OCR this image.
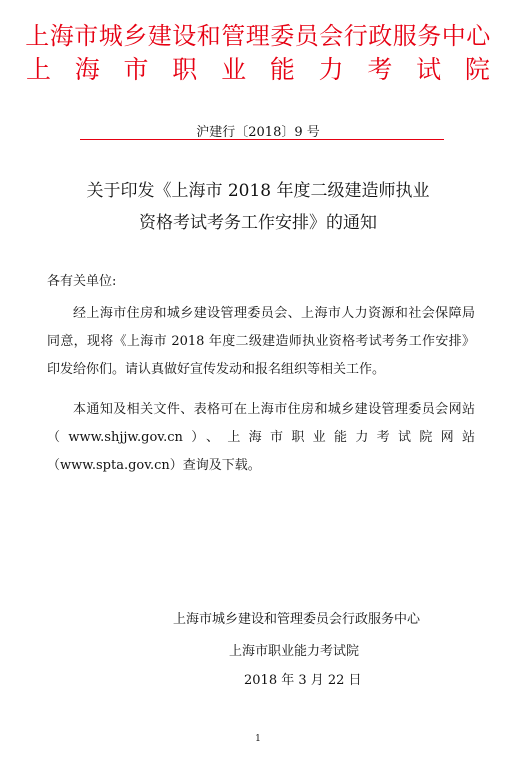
上海市城乡建设和管理委员会行政服务中心
上 海 市 职 业 能 力 考 试 院
沪建行〔2018〕9 号
关于印发《上海市 2018 年度二级建造师执业
资格考试考务工作安排》的通知
各有关单位:
经上海市住房和城乡建设管理委员会、上海市人力资源和社会保障局同意，现将《上海市 2018 年度二级建造师执业资格考试考务工作安排》印发给你们。请认真做好宣传发动和报名组织等相关工作。
本通知及相关文件、表格可在上海市住房和城乡建设管理委员会网站（www.shjjw.gov.cn）、上海市职业能力考试院网站（www.spta.gov.cn）查询及下载。
上海市城乡建设和管理委员会行政服务中心
上海市职业能力考试院
2018 年 3 月 22 日
1
